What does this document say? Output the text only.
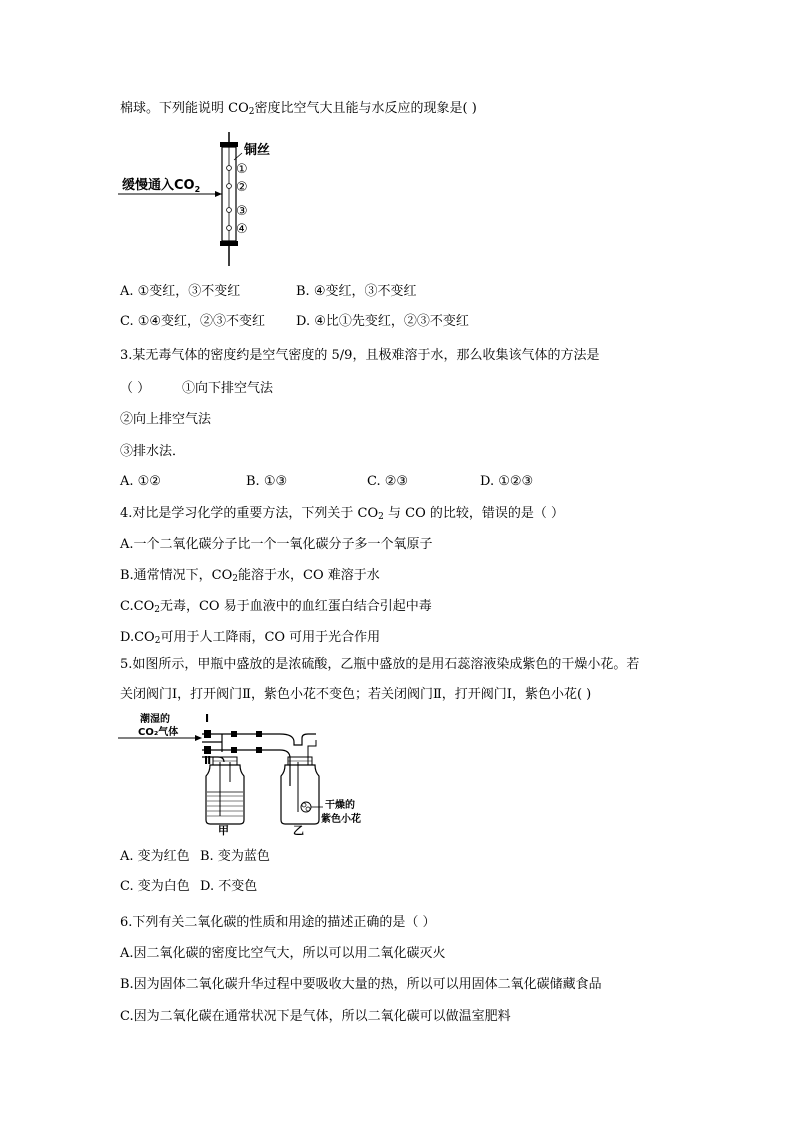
棉球。下列能说明 $CO_2$密度比空气大且能与水反应的现象是( )
缓慢通入$CO_2$
铜丝
①
②
③
④
A. ①变红，③不变红	B. ④变红，③不变红
C. ①④变红，②③不变红 D. ④比①先变红，②③不变红
3.某无毒气体的密度约是空气密度的 5/9，且极难溶于水，那么收集该气体的方法是
（ ） ①向下排空气法
②向上排空气法
③排水法．
A. ①②	B. ①③	C. ②③	D. ①②③
4.对比是学习化学的重要方法，下列关于 $CO_2$ 与 CO 的比较，错误的是（ ）
A.一个二氧化碳分子比一个一氧化碳分子多一个氧原子
B.通常情况下，$CO_2$能溶于水，CO 难溶于水
$C.CO_2$无毒，CO 易于血液中的血红蛋白结合引起中毒
$D.CO_2$可用于人工降雨，CO 可用于光合作用
5.如图所示，甲瓶中盛放的是浓硫酸，乙瓶中盛放的是用石蕊溶液染成紫色的干燥小花。若
关闭阀门Ⅰ，打开阀门Ⅱ，紫色小花不变色；若关闭阀门Ⅱ，打开阀门Ⅰ，紫色小花( )
潮湿的
CO₂气体
Ⅰ
Ⅱ
甲	乙
干燥的
紫色小花
A. 变为红色 B. 变为蓝色
C. 变为白色 D. 不变色
6.下列有关二氧化碳的性质和用途的描述正确的是（ ）
A.因二氧化碳的密度比空气大，所以可以用二氧化碳灭火
B.因为固体二氧化碳升华过程中要吸收大量的热，所以可以用固体二氧化碳储藏食品
C.因为二氧化碳在通常状况下是气体，所以二氧化碳可以做温室肥料
